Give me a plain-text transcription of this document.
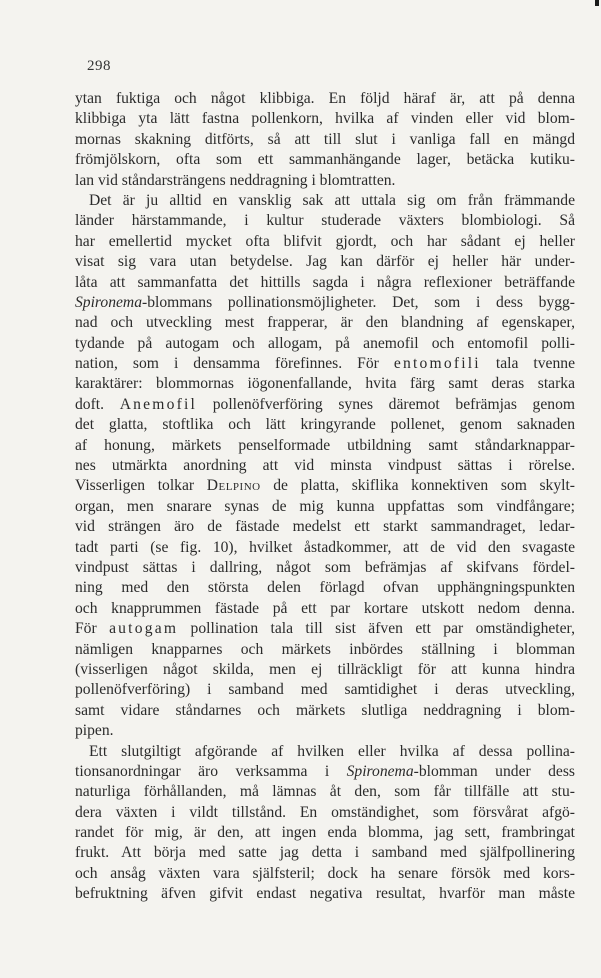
298
ytan fuktiga och något klibbiga. En följd häraf är, att på denna
klibbiga yta lätt fastna pollenkorn, hvilka af vinden eller vid blom-
mornas skakning ditförts, så att till slut i vanliga fall en mängd
frömjölskorn, ofta som ett sammanhängande lager, betäcka kutiku-
lan vid ståndarsträngens neddragning i blomtratten.
Det är ju alltid en vansklig sak att uttala sig om från främmande
länder härstammande, i kultur studerade växters blombiologi. Så
har emellertid mycket ofta blifvit gjordt, och har sådant ej heller
visat sig vara utan betydelse. Jag kan därför ej heller här under-
låta att sammanfatta det hittills sagda i några reflexioner beträffande
Spironema-blommans pollinationsmöjligheter. Det, som i dess bygg-
nad och utveckling mest frapperar, är den blandning af egenskaper,
tydande på autogam och allogam, på anemofil och entomofil polli-
nation, som i densamma förefinnes. För entomofili tala tvenne
karaktärer: blommornas iögonenfallande, hvita färg samt deras starka
doft. Anemofil pollenöfverföring synes däremot befrämjas genom
det glatta, stoftlika och lätt kringyrande pollenet, genom saknaden
af honung, märkets penselformade utbildning samt ståndarknappar-
nes utmärkta anordning att vid minsta vindpust sättas i rörelse.
Visserligen tolkar Delpino de platta, skiflika konnektiven som skylt-
organ, men snarare synas de mig kunna uppfattas som vindfångare;
vid strängen äro de fästade medelst ett starkt sammandraget, ledar-
tadt parti (se fig. 10), hvilket åstadkommer, att de vid den svagaste
vindpust sättas i dallring, något som befrämjas af skifvans fördel-
ning med den största delen förlagd ofvan upphängningspunkten
och knapprummen fästade på ett par kortare utskott nedom denna.
För autogam pollination tala till sist äfven ett par omständigheter,
nämligen knapparnes och märkets inbördes ställning i blomman
(visserligen något skilda, men ej tillräckligt för att kunna hindra
pollenöfverföring) i samband med samtidighet i deras utveckling,
samt vidare ståndarnes och märkets slutliga neddragning i blom-
pipen.
Ett slutgiltigt afgörande af hvilken eller hvilka af dessa pollina-
tionsanordningar äro verksamma i Spironema-blomman under dess
naturliga förhållanden, må lämnas åt den, som får tillfälle att stu-
dera växten i vildt tillstånd. En omständighet, som försvårat afgö-
randet för mig, är den, att ingen enda blomma, jag sett, frambringat
frukt. Att börja med satte jag detta i samband med själfpollinering
och ansåg växten vara själfsteril; dock ha senare försök med kors-
befruktning äfven gifvit endast negativa resultat, hvarför man måste
